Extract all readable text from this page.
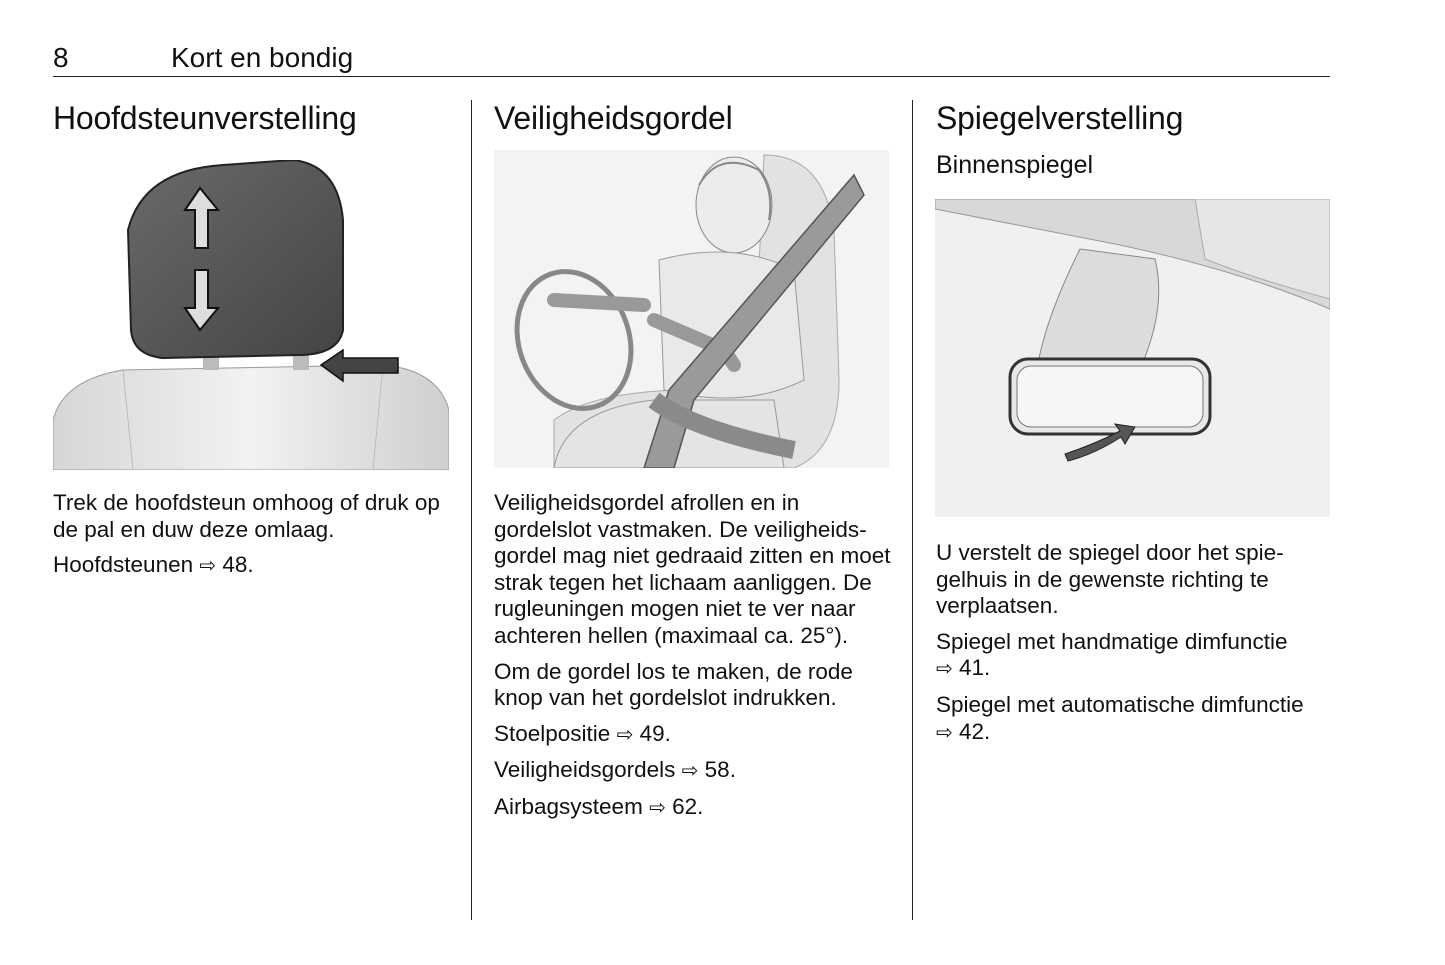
8	Kort en bondig
Hoofdsteunverstelling

Trek de hoofdsteun omhoog of druk op de pal en duw deze omlaag.

Hoofdsteunen ⇨ 48.

Veiligheidsgordel

Veiligheidsgordel afrollen en in gordelslot vastmaken. De veiligheidsgordel mag niet gedraaid zitten en moet strak tegen het lichaam aanliggen. De rugleuningen mogen niet te ver naar achteren hellen (maximaal ca. 25°).

Om de gordel los te maken, de rode knop van het gordelslot indrukken.

Stoelpositie ⇨ 49.

Veiligheidsgordels ⇨ 58.

Airbagsysteem ⇨ 62.

Spiegelverstelling
Binnenspiegel

U verstelt de spiegel door het spiegelhuis in de gewenste richting te verplaatsen.

Spiegel met handmatige dimfunctie
⇨ 41.

Spiegel met automatische dimfunctie
⇨ 42.
